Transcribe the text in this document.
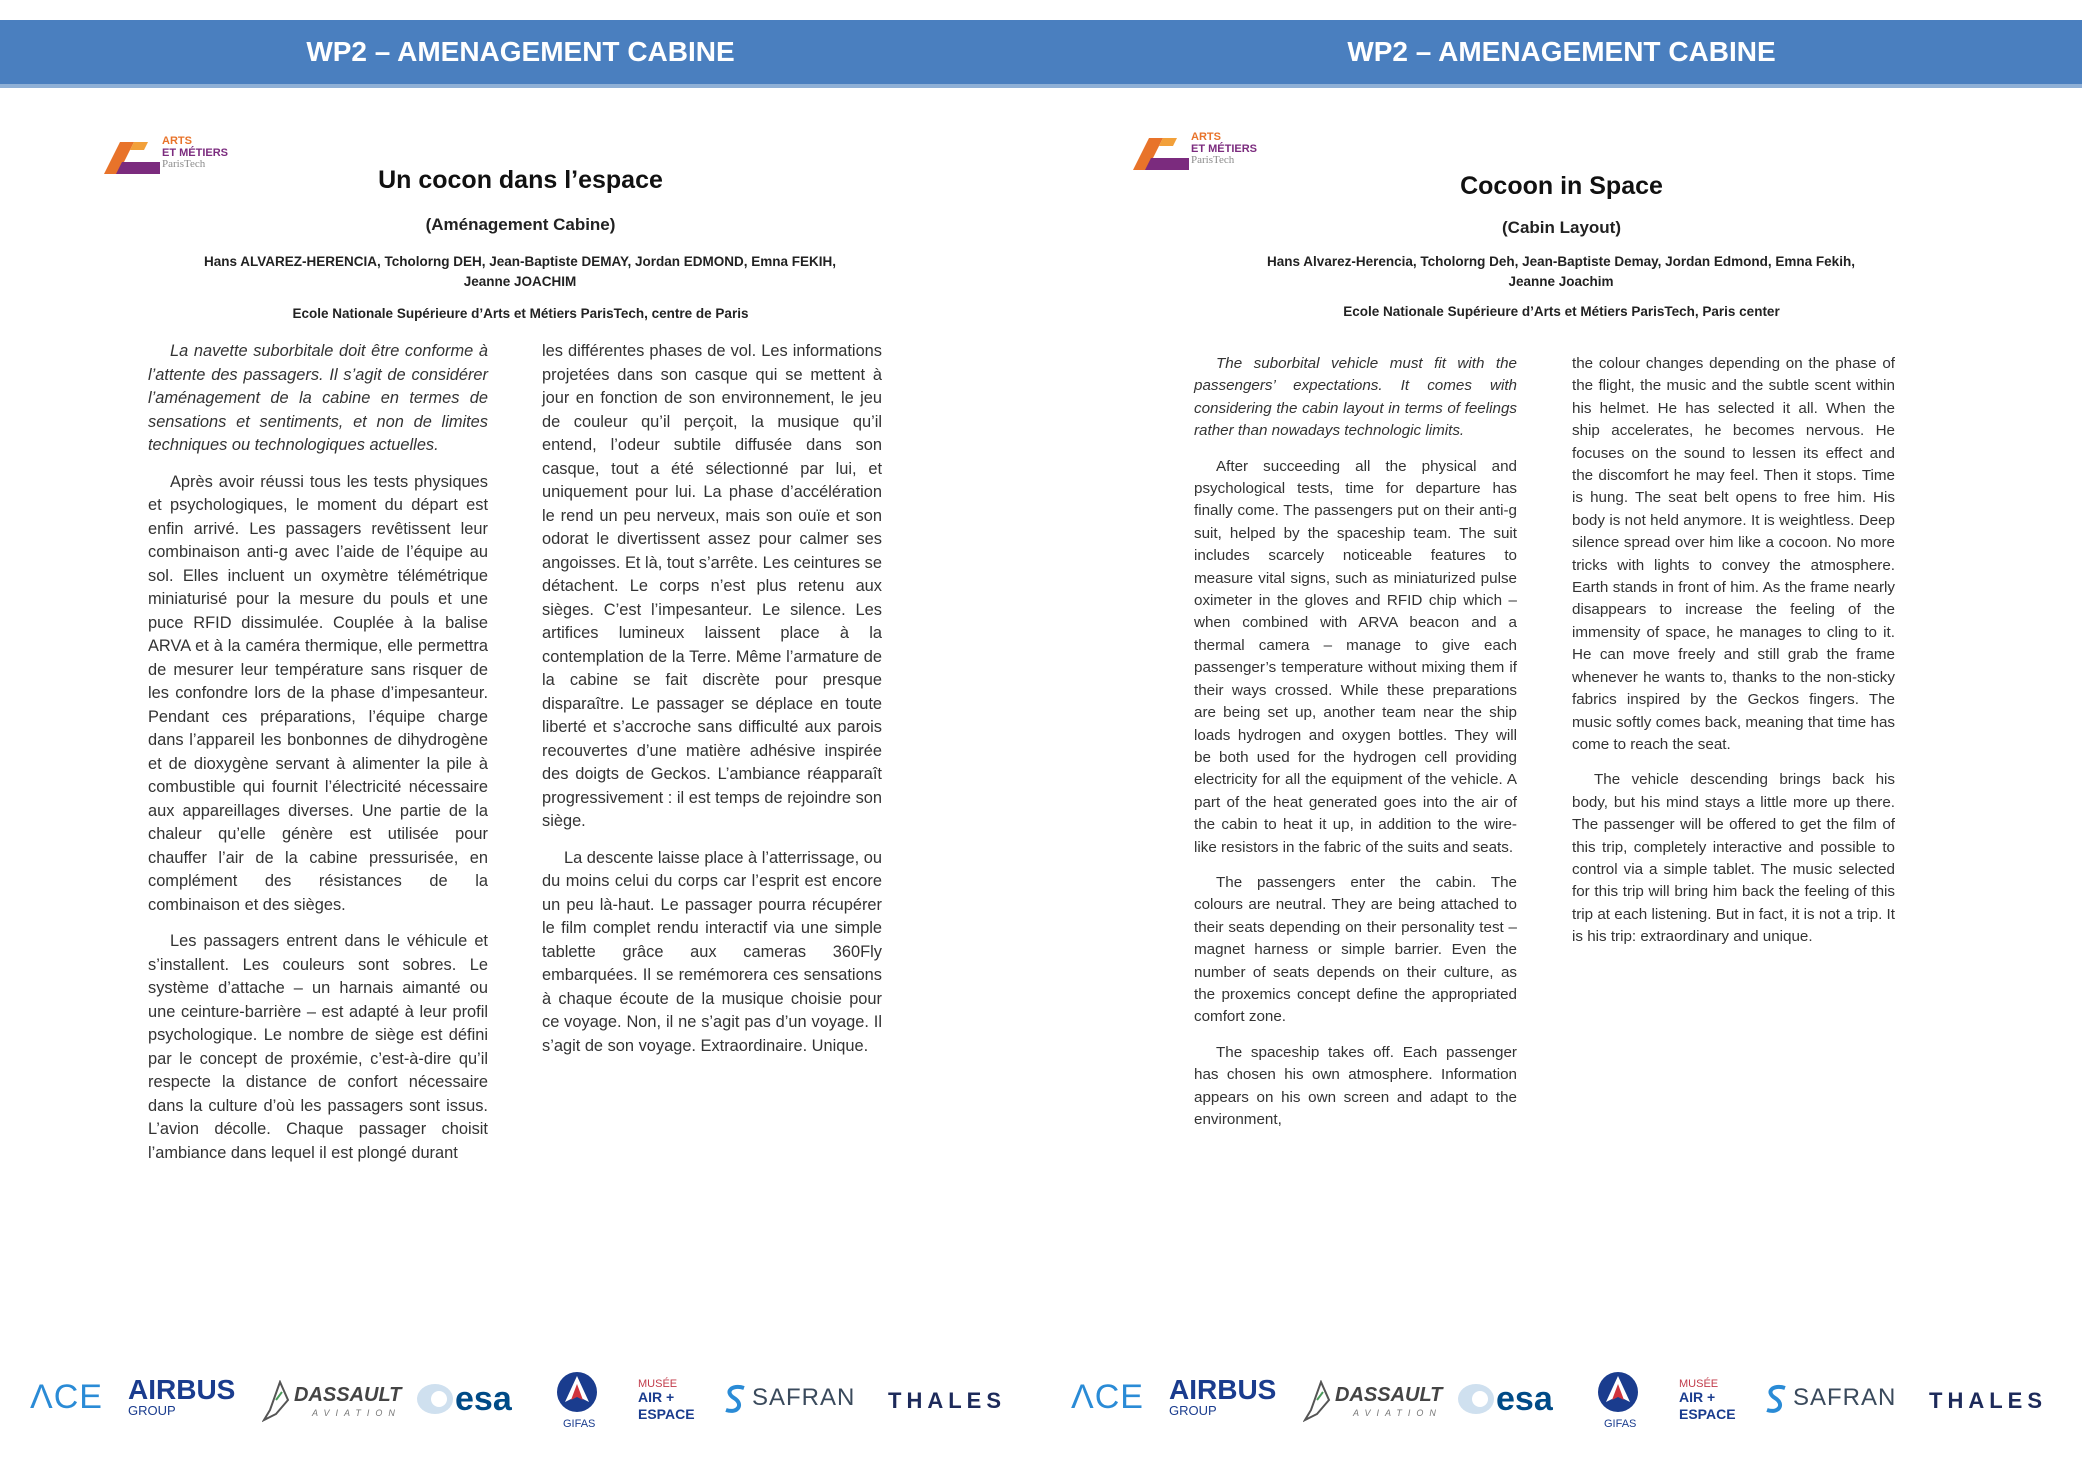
WP2 – AMENAGEMENT CABINE
ARTS
ET MÉTIERS
ParisTech
Un cocon dans l’espace
(Aménagement Cabine)
Hans ALVAREZ-HERENCIA, Tcholorng DEH, Jean-Baptiste DEMAY, Jordan EDMOND, Emna FEKIH,
Jeanne JOACHIM
Ecole Nationale Supérieure d’Arts et Métiers ParisTech, centre de Paris

La navette suborbitale doit être conforme à l’attente des passagers. Il s’agit de considérer l’aménagement de la cabine en termes de sensations et sentiments, et non de limites techniques ou technologiques actuelles.

Après avoir réussi tous les tests physiques et psychologiques, le moment du départ est enfin arrivé. Les passagers revêtissent leur combinaison anti-g avec l’aide de l’équipe au sol. Elles incluent un oxymètre télémétrique miniaturisé pour la mesure du pouls et une puce RFID dissimulée. Couplée à la balise ARVA et à la caméra thermique, elle permettra de mesurer leur température sans risquer de les confondre lors de la phase d’impesanteur. Pendant ces préparations, l’équipe charge dans l’appareil les bonbonnes de dihydrogène et de dioxygène servant à alimenter la pile à combustible qui fournit l’électricité nécessaire aux appareillages diverses. Une partie de la chaleur qu’elle génère est utilisée pour chauffer l’air de la cabine pressurisée, en complément des résistances de la combinaison et des sièges.

Les passagers entrent dans le véhicule et s’installent. Les couleurs sont sobres. Le système d’attache – un harnais aimanté ou une ceinture-barrière – est adapté à leur profil psychologique. Le nombre de siège est défini par le concept de proxémie, c’est-à-dire qu’il respecte la distance de confort nécessaire dans la culture d’où les passagers sont issus. L’avion décolle. Chaque passager choisit l’ambiance dans lequel il est plongé durant

les différentes phases de vol. Les informations projetées dans son casque qui se mettent à jour en fonction de son environnement, le jeu de couleur qu’il perçoit, la musique qu’il entend, l’odeur subtile diffusée dans son casque, tout a été sélectionné par lui, et uniquement pour lui. La phase d’accélération le rend un peu nerveux, mais son ouïe et son odorat le divertissent assez pour calmer ses angoisses. Et là, tout s’arrête. Les ceintures se détachent. Le corps n’est plus retenu aux sièges. C’est l’impesanteur. Le silence. Les artifices lumineux laissent place à la contemplation de la Terre. Même l’armature de la cabine se fait discrète pour presque disparaître. Le passager se déplace en toute liberté et s’accroche sans difficulté aux parois recouvertes d’une matière adhésive inspirée des doigts de Geckos. L’ambiance réapparaît progressivement : il est temps de rejoindre son siège.

La descente laisse place à l’atterrissage, ou du moins celui du corps car l’esprit est encore un peu là-haut. Le passager pourra récupérer le film complet rendu interactif via une simple tablette grâce aux cameras 360Fly embarquées. Il se remémorera ces sensations à chaque écoute de la musique choisie pour ce voyage. Non, il ne s’agit pas d’un voyage. Il s’agit de son voyage. Extraordinaire. Unique.

ΛCE AIRBUS
GROUP
DASSAULT
AVIATION esa
GIFAS
MUSÉE
AIR +
ESPACE
SAFRAN THALES
WP2 – AMENAGEMENT CABINE
ARTS
ET MÉTIERS
ParisTech
Cocoon in Space
(Cabin Layout)
Hans Alvarez-Herencia, Tcholorng Deh, Jean-Baptiste Demay, Jordan Edmond, Emna Fekih,
Jeanne Joachim
Ecole Nationale Supérieure d’Arts et Métiers ParisTech, Paris center

The suborbital vehicle must fit with the passengers’ expectations. It comes with considering the cabin layout in terms of feelings rather than nowadays technologic limits.

After succeeding all the physical and psychological tests, time for departure has finally come. The passengers put on their anti-g suit, helped by the spaceship team. The suit includes scarcely noticeable features to measure vital signs, such as miniaturized pulse oximeter in the gloves and RFID chip which – when combined with ARVA beacon and a thermal camera – manage to give each passenger’s temperature without mixing them if their ways crossed. While these preparations are being set up, another team near the ship loads hydrogen and oxygen bottles. They will be both used for the hydrogen cell providing electricity for all the equipment of the vehicle. A part of the heat generated goes into the air of the cabin to heat it up, in addition to the wire-like resistors in the fabric of the suits and seats.

The passengers enter the cabin. The colours are neutral. They are being attached to their seats depending on their personality test – magnet harness or simple barrier. Even the number of seats depends on their culture, as the proxemics concept define the appropriated comfort zone.

The spaceship takes off. Each passenger has chosen his own atmosphere. Information appears on his own screen and adapt to the environment,

the colour changes depending on the phase of the flight, the music and the subtle scent within his helmet. He has selected it all. When the ship accelerates, he becomes nervous. He focuses on the sound to lessen its effect and the discomfort he may feel. Then it stops. Time is hung. The seat belt opens to free him. His body is not held anymore. It is weightless. Deep silence spread over him like a cocoon. No more tricks with lights to convey the atmosphere. Earth stands in front of him. As the frame nearly disappears to increase the feeling of the immensity of space, he manages to cling to it. He can move freely and still grab the frame whenever he wants to, thanks to the non-sticky fabrics inspired by the Geckos fingers. The music softly comes back, meaning that time has come to reach the seat.

The vehicle descending brings back his body, but his mind stays a little more up there. The passenger will be offered to get the film of this trip, completely interactive and possible to control via a simple tablet. The music selected for this trip will bring him back the feeling of this trip at each listening. But in fact, it is not a trip. It is his trip: extraordinary and unique.

ΛCE AIRBUS
GROUP
DASSAULT
AVIATION esa
GIFAS
MUSÉE
AIR +
ESPACE
SAFRAN THALES
